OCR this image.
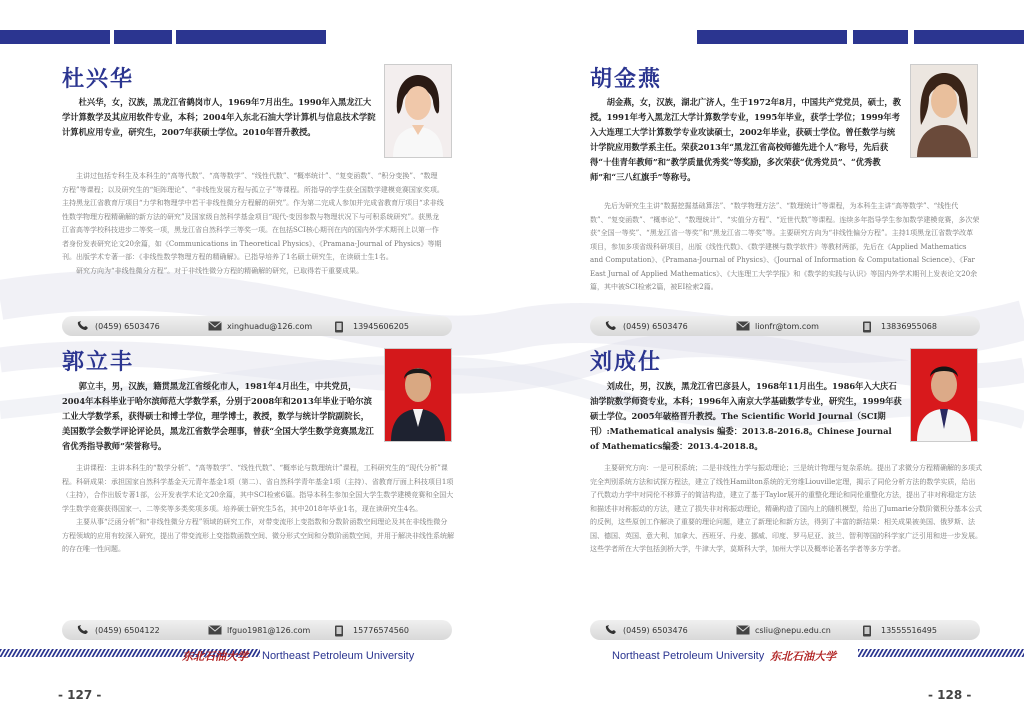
杜兴华
杜兴华，女，汉族，黑龙江省鹤岗市人，1969年7月出生。1990年入黑龙江大学计算数学及其应用软件专业，本科；2004年入东北石油大学计算机与信息技术学院计算机应用专业，研究生，2007年获硕士学位。2010年晋升教授。

主讲过包括专科生及本科生的“高等代数”、“高等数学”、“线性代数”、“概率统计”、“复变函数”、“积分变换”、“数理方程”等课程；以及研究生的“矩阵理论”、“非线性发展方程与孤立子”等课程。所指导的学生获全国数学建模竞赛国家奖项。主持黑龙江省教育厅项目“力学和物理学中若干非线性微分方程解的研究”。作为第二完成人参加并完成省教育厅项目“求非线性数学物理方程精确解的新方法的研究”及国家级自然科学基金项目“现代-变因参数与物理状况下与可积系统研究”。获黑龙江省高等学校科技进步二等奖一项，黑龙江省自然科学三等奖一项。在包括SCI核心期刊在内的国内外学术期刊上以第一作者身份发表研究论文20余篇，如《Communications in Theoretical Physics》、《Pramana-Journal of Physics》等期刊。出版学术专著一部：《非线性数学物理方程的精确解》。已指导培养了1名硕士研究生，在读硕士生1名。

研究方向为“非线性微分方程”。对于非线性微分方程的精确解的研究，已取得若干重要成果。

(0459) 6503476	xinghuadu@126.com	13945606205
郭立丰
郭立丰，男，汉族，籍贯黑龙江省绥化市人，1981年4月出生，中共党员，2004年本科毕业于哈尔滨师范大学数学系，分别于2008年和2013年毕业于哈尔滨工业大学数学系，获得硕士和博士学位，理学博士，教授，数学与统计学院副院长，美国数学会数学评论评论员，黑龙江省数学会理事，曾获“全国大学生数学竞赛黑龙江省优秀指导教师”荣誉称号。

主讲课程：主讲本科生的“数学分析”、“高等数学”、“线性代数”、“概率论与数理统计”课程，工科研究生的“现代分析”课程。科研成果：承担国家自然科学基金天元青年基金1项（第二）、省自然科学青年基金1项（主持）、省教育厅面上科技项目1项（主持），合作出版专著1部，公开发表学术论文20余篇，其中SCI检索6篇。指导本科生参加全国大学生数学建模竞赛和全国大学生数学竞赛获得国家一、二等奖等多类奖项多项。培养硕士研究生5名，其中2018年毕业1名，现在读研究生4名。

主要从事“泛函分析”和“非线性微分方程”领域的研究工作，对带变流形上变指数和分数阶函数空间理论及其在非线性微分方程领域的应用有较深入研究，提出了带变流形上变指数函数空间、微分形式空间和分数阶函数空间，并用于解决非线性系统解的存在唯一性问题。

(0459) 6504122	lfguo1981@126.com	15776574560
胡金燕
胡金燕，女，汉族，湖北广济人，生于1972年8月，中国共产党党员，硕士，教授。1991年考入黑龙江大学计算数学专业，1995年毕业，获学士学位；1999年考入大连理工大学计算数学专业攻读硕士，2002年毕业，获硕士学位。曾任数学与统计学院应用数学系主任。荣获2013年“黑龙江省高校师德先进个人”称号，先后获得“十佳青年教师”和“教学质量优秀奖”等奖励，多次荣获“优秀党员”、“优秀教师”和“三八红旗手”等称号。

先后为研究生主讲“数据挖掘基础算法”、“数学物理方法”、“数理统计”等课程，为本科生主讲“高等数学”、“线性代数”、“复变函数”、“概率论”、“数理统计”、“实值分方程”、“近世代数”等课程。连续多年指导学生参加数学建模竞赛，多次荣获“全国一等奖”、“黑龙江省一等奖”和“黑龙江省二等奖”等。主要研究方向为“非线性偏分方程”。主持1项黑龙江省数学改革项目，参加多项省级科研项目，出版《线性代数》、《数学建模与数学软件》等教材两部，先后在《Applied Mathematics and Computation》、《Pramana-Journal of Physics》、《Journal of Information & Computational Science》、《Far East Jurnal of Applied Mathematics》、《大连理工大学学报》和《数学的实践与认识》等国内外学术期刊上发表论文20余篇，其中被SCI检索2篇，被EI检索2篇。

(0459) 6503476	lionfr@tom.com	13836955068
刘成仕
刘成仕，男，汉族，黑龙江省巴彦县人，1968年11月出生。1986年入大庆石油学院数学师资专业，本科；1996年入南京大学基础数学专业，研究生，1999年获硕士学位。2005年破格晋升教授。The Scientific World Journal（SCI期刊）:Mathematical analysis 编委：2013.8-2016.8。Chinese Journal of Mathematics编委：2013.4-2018.8。

主要研究方向：一是可积系统；二是非线性力学与振动理论；三是统计物理与复杂系统。提出了求微分方程精确解的多项式完全判别系统方法和试探方程法，建立了线性Hamilton系统的无穷维Liouville定理，揭示了同伦分析方法的数学实质，给出了代数动力学中对同伦不移算子的简洁构造，建立了基于Taylor展开的重整化理论和同伦重整化方法，提出了非对称稳定方法和描述非对称振动的方法，建立了损失非对称振动理论，精确构造了国内上的随机模型，给出了Jumarie分数阶微积分基本公式的反例，这些原创工作解决了重要的理论问题，建立了新理论和新方法，得到了丰富的新结果：相关成果被美国、俄罗斯、法国、德国、英国、意大利、加拿大、西班牙、丹麦、挪威、印度、罗马尼亚、波兰、智利等国的科学家广泛引用和进一步发展。这些学者所在大学包括剑桥大学，牛津大学，莫斯科大学，加州大学以及概率论著名学者等多方学者。

(0459) 6503476	csliu@nepu.edu.cn	13555516495
东北石油大学 Northeast Petroleum University	Northeast Petroleum University 东北石油大学
- 127 -	- 128 -
